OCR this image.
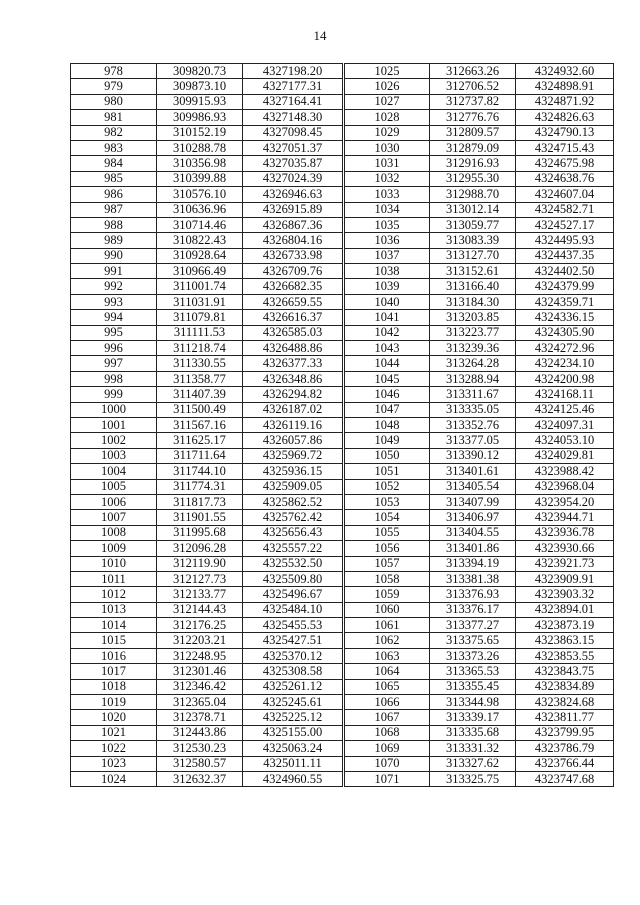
14
978	309820.73	4327198.20
979	309873.10	4327177.31
980	309915.93	4327164.41
981	309986.93	4327148.30
982	310152.19	4327098.45
983	310288.78	4327051.37
984	310356.98	4327035.87
985	310399.88	4327024.39
986	310576.10	4326946.63
987	310636.96	4326915.89
988	310714.46	4326867.36
989	310822.43	4326804.16
990	310928.64	4326733.98
991	310966.49	4326709.76
992	311001.74	4326682.35
993	311031.91	4326659.55
994	311079.81	4326616.37
995	311111.53	4326585.03
996	311218.74	4326488.86
997	311330.55	4326377.33
998	311358.77	4326348.86
999	311407.39	4326294.82
1000	311500.49	4326187.02
1001	311567.16	4326119.16
1002	311625.17	4326057.86
1003	311711.64	4325969.72
1004	311744.10	4325936.15
1005	311774.31	4325909.05
1006	311817.73	4325862.52
1007	311901.55	4325762.42
1008	311995.68	4325656.43
1009	312096.28	4325557.22
1010	312119.90	4325532.50
1011	312127.73	4325509.80
1012	312133.77	4325496.67
1013	312144.43	4325484.10
1014	312176.25	4325455.53
1015	312203.21	4325427.51
1016	312248.95	4325370.12
1017	312301.46	4325308.58
1018	312346.42	4325261.12
1019	312365.04	4325245.61
1020	312378.71	4325225.12
1021	312443.86	4325155.00
1022	312530.23	4325063.24
1023	312580.57	4325011.11
1024	312632.37	4324960.55
1025	312663.26	4324932.60
1026	312706.52	4324898.91
1027	312737.82	4324871.92
1028	312776.76	4324826.63
1029	312809.57	4324790.13
1030	312879.09	4324715.43
1031	312916.93	4324675.98
1032	312955.30	4324638.76
1033	312988.70	4324607.04
1034	313012.14	4324582.71
1035	313059.77	4324527.17
1036	313083.39	4324495.93
1037	313127.70	4324437.35
1038	313152.61	4324402.50
1039	313166.40	4324379.99
1040	313184.30	4324359.71
1041	313203.85	4324336.15
1042	313223.77	4324305.90
1043	313239.36	4324272.96
1044	313264.28	4324234.10
1045	313288.94	4324200.98
1046	313311.67	4324168.11
1047	313335.05	4324125.46
1048	313352.76	4324097.31
1049	313377.05	4324053.10
1050	313390.12	4324029.81
1051	313401.61	4323988.42
1052	313405.54	4323968.04
1053	313407.99	4323954.20
1054	313406.97	4323944.71
1055	313404.55	4323936.78
1056	313401.86	4323930.66
1057	313394.19	4323921.73
1058	313381.38	4323909.91
1059	313376.93	4323903.32
1060	313376.17	4323894.01
1061	313377.27	4323873.19
1062	313375.65	4323863.15
1063	313373.26	4323853.55
1064	313365.53	4323843.75
1065	313355.45	4323834.89
1066	313344.98	4323824.68
1067	313339.17	4323811.77
1068	313335.68	4323799.95
1069	313331.32	4323786.79
1070	313327.62	4323766.44
1071	313325.75	4323747.68
